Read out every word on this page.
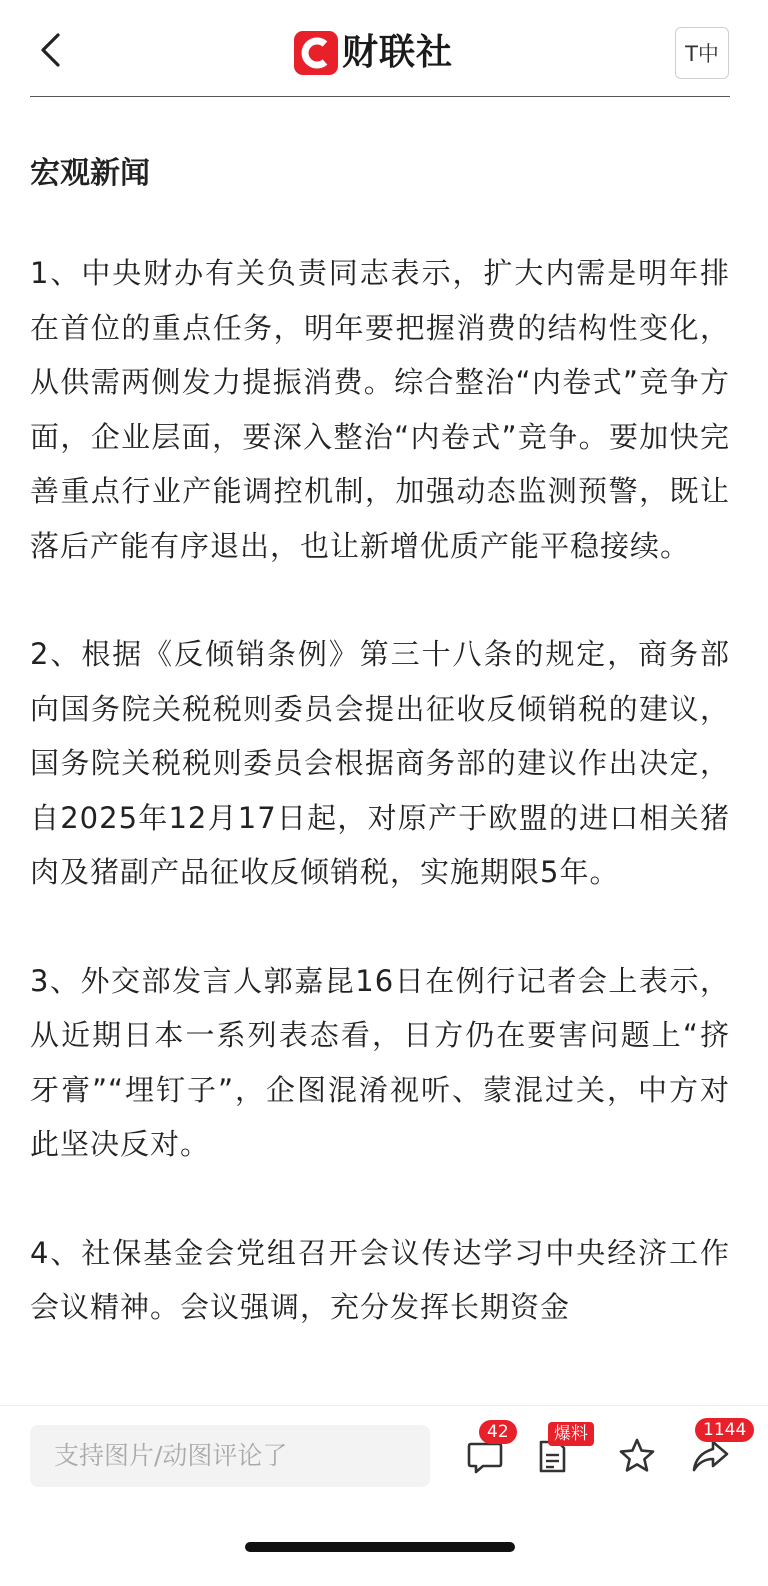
财联社	T中
宏观新闻

1、中央财办有关负责同志表示，扩大内需是明年排在首位的重点任务，明年要把握消费的结构性变化，从供需两侧发力提振消费。综合整治“内卷式”竞争方面，企业层面，要深入整治“内卷式”竞争。要加快完善重点行业产能调控机制，加强动态监测预警，既让落后产能有序退出，也让新增优质产能平稳接续。

2、根据《反倾销条例》第三十八条的规定，商务部向国务院关税税则委员会提出征收反倾销税的建议，国务院关税税则委员会根据商务部的建议作出决定，自2025年12月17日起，对原产于欧盟的进口相关猪肉及猪副产品征收反倾销税，实施期限5年。

3、外交部发言人郭嘉昆16日在例行记者会上表示，从近期日本一系列表态看，日方仍在要害问题上“挤牙膏”“埋钉子”，企图混淆视听、蒙混过关，中方对此坚决反对。

4、社保基金会党组召开会议传达学习中央经济工作会议精神。会议强调，充分发挥长期资金

支持图片/动图评论了
42	爆料	1144
